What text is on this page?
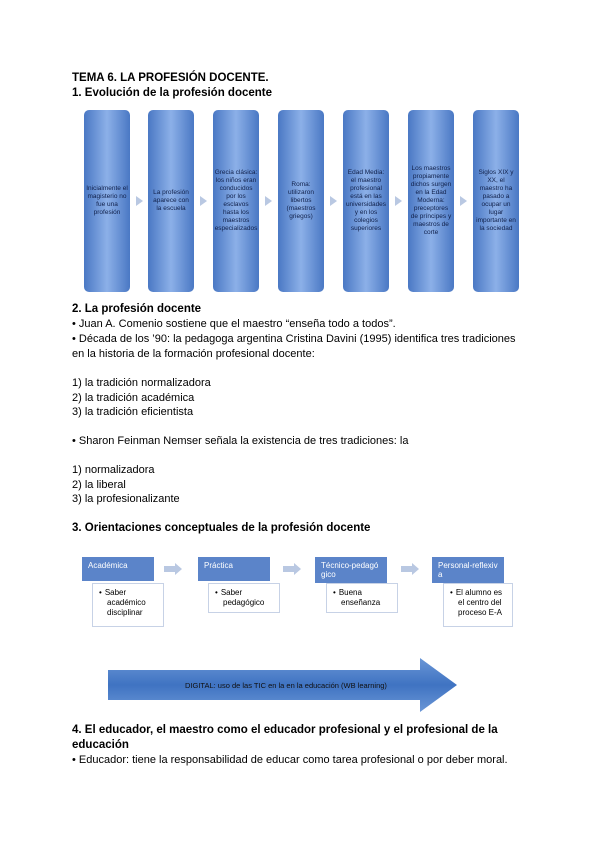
TEMA 6. LA PROFESIÓN DOCENTE.
1. Evolución de la profesión docente
Inicialmente el magisterio no fue una profesión
La profesión aparece con la escuela
Grecia clásica: los niños eran conducidos por los esclavos hasta los maestros especializados
Roma: utilizaron libertos (maestros griegos)
Edad Media: el maestro profesional está en las universidades y en los colegios superiores
Los maestros propiamente dichos surgen en la Edad Moderna: preceptores de príncipes y maestros de corte
Siglos XIX y XX, el maestro ha pasado a ocupar un lugar importante en la sociedad
2. La profesión docente
• Juan A. Comenio sostiene que el maestro “enseña todo a todos”.
• Década de los ’90: la pedagoga argentina Cristina Davini (1995) identifica tres tradiciones
en la historia de la formación profesional docente:
1) la tradición normalizadora
2) la tradición académica
3) la tradición eficientista
• Sharon Feinman Nemser señala la existencia de tres tradiciones: la
1) normalizadora
2) la liberal
3) la profesionalizante
3. Orientaciones conceptuales de la profesión docente
Académica	Práctica	Técnico-pedagó gico
Personal-reflexiv a
• Saber
académico
disciplinar
• Saber
pedagógico
• Buena
enseñanza
• El alumno es
el centro del
proceso E-A
DIGITAL: uso de las TIC en la en la educación (WB learning)
4. El educador, el maestro como el educador profesional y el profesional de la
educación
• Educador: tiene la responsabilidad de educar como tarea profesional o por deber moral.
